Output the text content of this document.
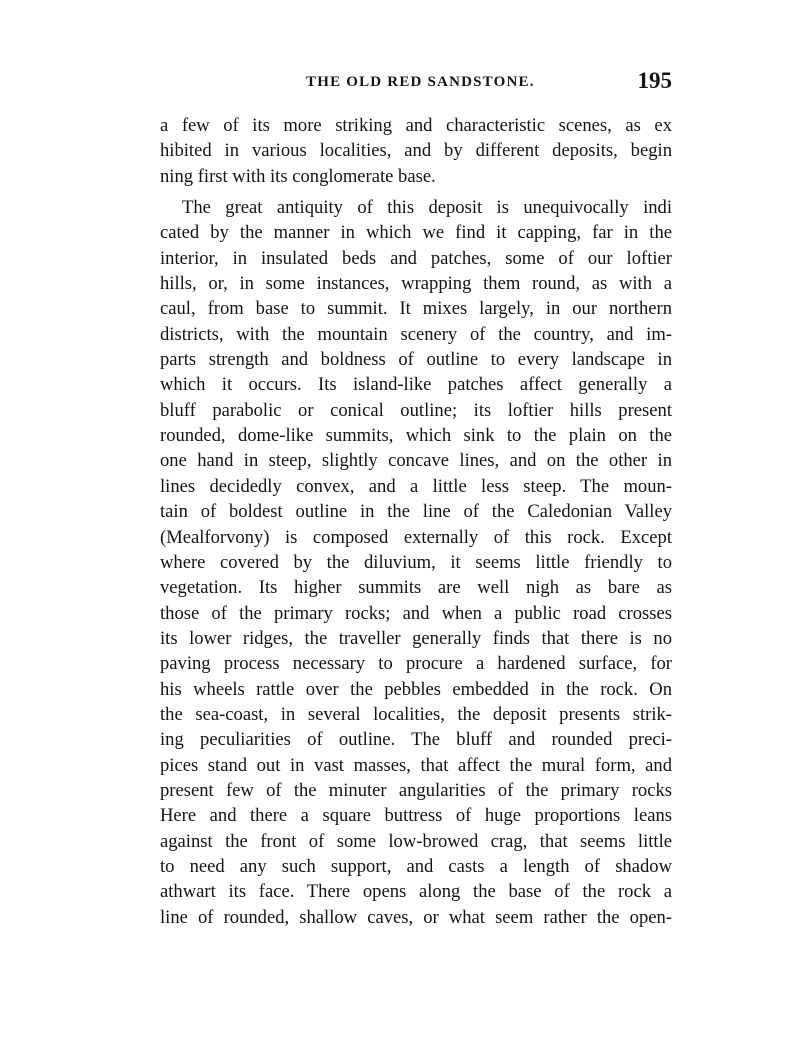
THE OLD RED SANDSTONE.	195
a few of its more striking and characteristic scenes, as ex
hibited in various localities, and by different deposits, begin
ning first with its conglomerate base.
The great antiquity of this deposit is unequivocally indi
cated by the manner in which we find it capping, far in the
interior, in insulated beds and patches, some of our loftier
hills, or, in some instances, wrapping them round, as with a
caul, from base to summit. It mixes largely, in our northern
districts, with the mountain scenery of the country, and im-
parts strength and boldness of outline to every landscape in
which it occurs. Its island-like patches affect generally a
bluff parabolic or conical outline; its loftier hills present
rounded, dome-like summits, which sink to the plain on the
one hand in steep, slightly concave lines, and on the other in
lines decidedly convex, and a little less steep. The moun-
tain of boldest outline in the line of the Caledonian Valley
(Mealforvony) is composed externally of this rock. Except
where covered by the diluvium, it seems little friendly to
vegetation. Its higher summits are well nigh as bare as
those of the primary rocks; and when a public road crosses
its lower ridges, the traveller generally finds that there is no
paving process necessary to procure a hardened surface, for
his wheels rattle over the pebbles embedded in the rock. On
the sea-coast, in several localities, the deposit presents strik-
ing peculiarities of outline. The bluff and rounded preci-
pices stand out in vast masses, that affect the mural form, and
present few of the minuter angularities of the primary rocks
Here and there a square buttress of huge proportions leans
against the front of some low-browed crag, that seems little
to need any such support, and casts a length of shadow
athwart its face. There opens along the base of the rock a
line of rounded, shallow caves, or what seem rather the open-
